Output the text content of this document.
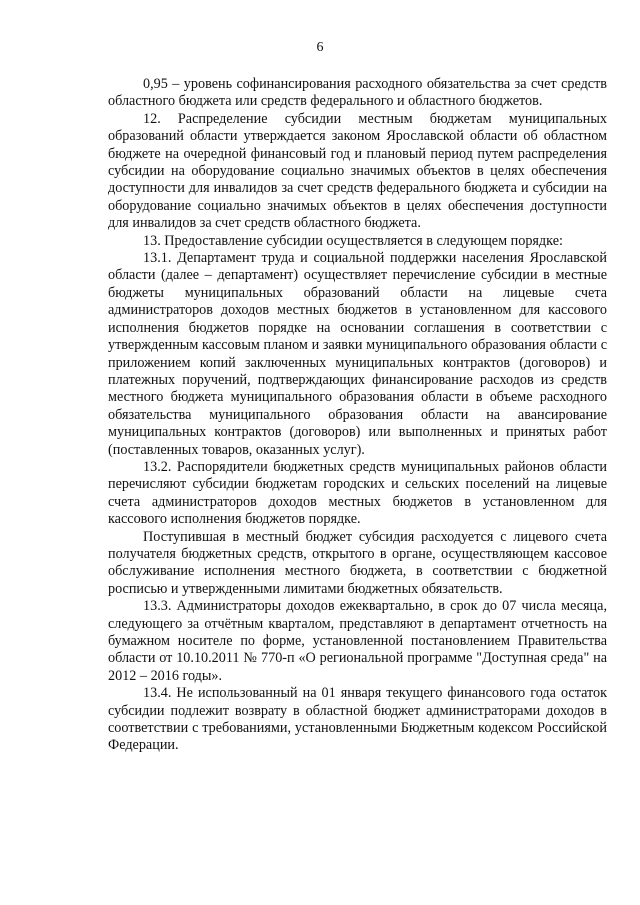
6

0,95 – уровень софинансирования расходного обязательства за счет средств областного бюджета или средств федерального и областного бюджетов.

12. Распределение субсидии местным бюджетам муниципальных образований области утверждается законом Ярославской области об областном бюджете на очередной финансовый год и плановый период путем распределения субсидии на оборудование социально значимых объектов в целях обеспечения доступности для инвалидов за счет средств федерального бюджета и субсидии на оборудование социально значимых объектов в целях обеспечения доступности для инвалидов за счет средств областного бюджета.

13. Предоставление субсидии осуществляется в следующем порядке:

13.1. Департамент труда и социальной поддержки населения Ярославской области (далее – департамент) осуществляет перечисление субсидии в местные бюджеты муниципальных образований области на лицевые счета администраторов доходов местных бюджетов в установленном для кассового исполнения бюджетов порядке на основании соглашения в соответствии с утвержденным кассовым планом и заявки муниципального образования области с приложением копий заключенных муниципальных контрактов (договоров) и платежных поручений, подтверждающих финансирование расходов из средств местного бюджета муниципального образования области в объеме расходного обязательства муниципального образования области на авансирование муниципальных контрактов (договоров) или выполненных и принятых работ (поставленных товаров, оказанных услуг).

13.2. Распорядители бюджетных средств муниципальных районов области перечисляют субсидии бюджетам городских и сельских поселений на лицевые счета администраторов доходов местных бюджетов в установленном для кассового исполнения бюджетов порядке.

Поступившая в местный бюджет субсидия расходуется с лицевого счета получателя бюджетных средств, открытого в органе, осуществляющем кассовое обслуживание исполнения местного бюджета, в соответствии с бюджетной росписью и утвержденными лимитами бюджетных обязательств.

13.3. Администраторы доходов ежеквартально, в срок до 07 числа месяца, следующего за отчётным кварталом, представляют в департамент отчетность на бумажном носителе по форме, установленной постановлением Правительства области от 10.10.2011 № 770-п «О региональной программе "Доступная среда" на 2012 – 2016 годы».

13.4. Не использованный на 01 января текущего финансового года остаток субсидии подлежит возврату в областной бюджет администраторами доходов в соответствии с требованиями, установленными Бюджетным кодексом Российской Федерации.
